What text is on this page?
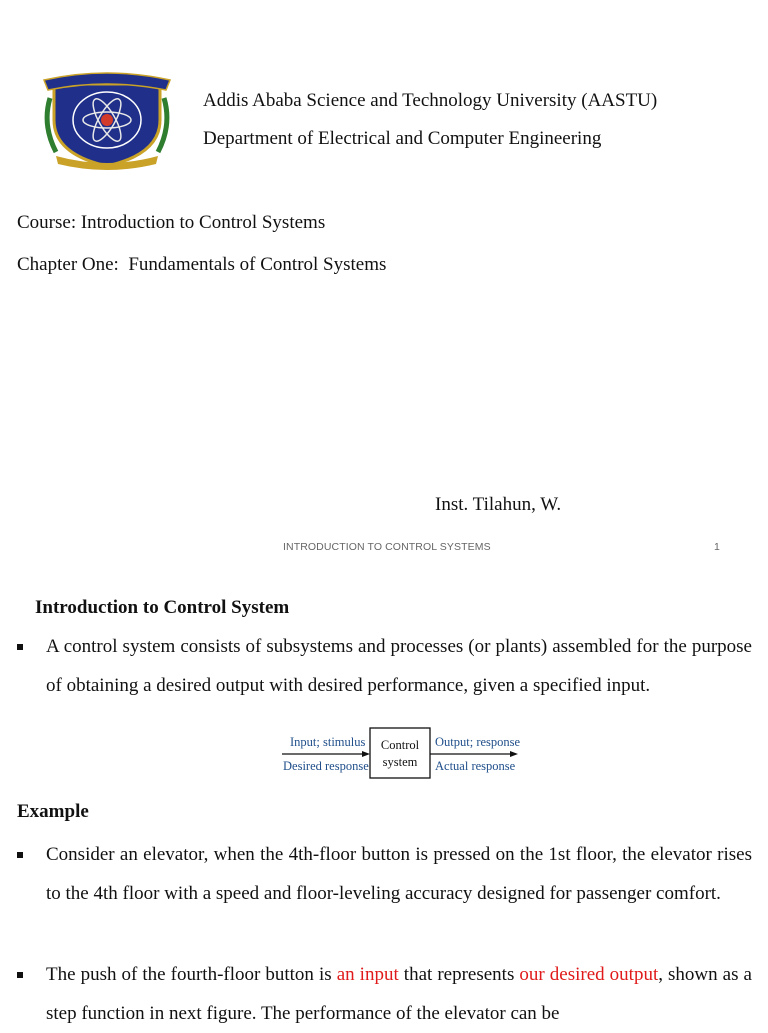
Addis Ababa Science and Technology University (AASTU)
Department of Electrical and Computer Engineering
Course: Introduction to Control Systems
Chapter One:  Fundamentals of Control Systems
Inst. Tilahun, W.
INTRODUCTION TO CONTROL SYSTEMS	1
Introduction to Control System
A control system consists of subsystems and processes (or plants) assembled for the purpose of obtaining a desired output with desired performance, given a specified input.
Input; stimulus
Desired response
Output; response
Actual response
Control
system
Example
Consider an elevator, when the 4th-floor button is pressed on the 1st floor, the elevator rises to the 4th floor with a speed and floor-leveling accuracy designed for passenger comfort.
The push of the fourth-floor button is an input that represents our desired output, shown as a step function in next figure. The performance of the elevator can be
